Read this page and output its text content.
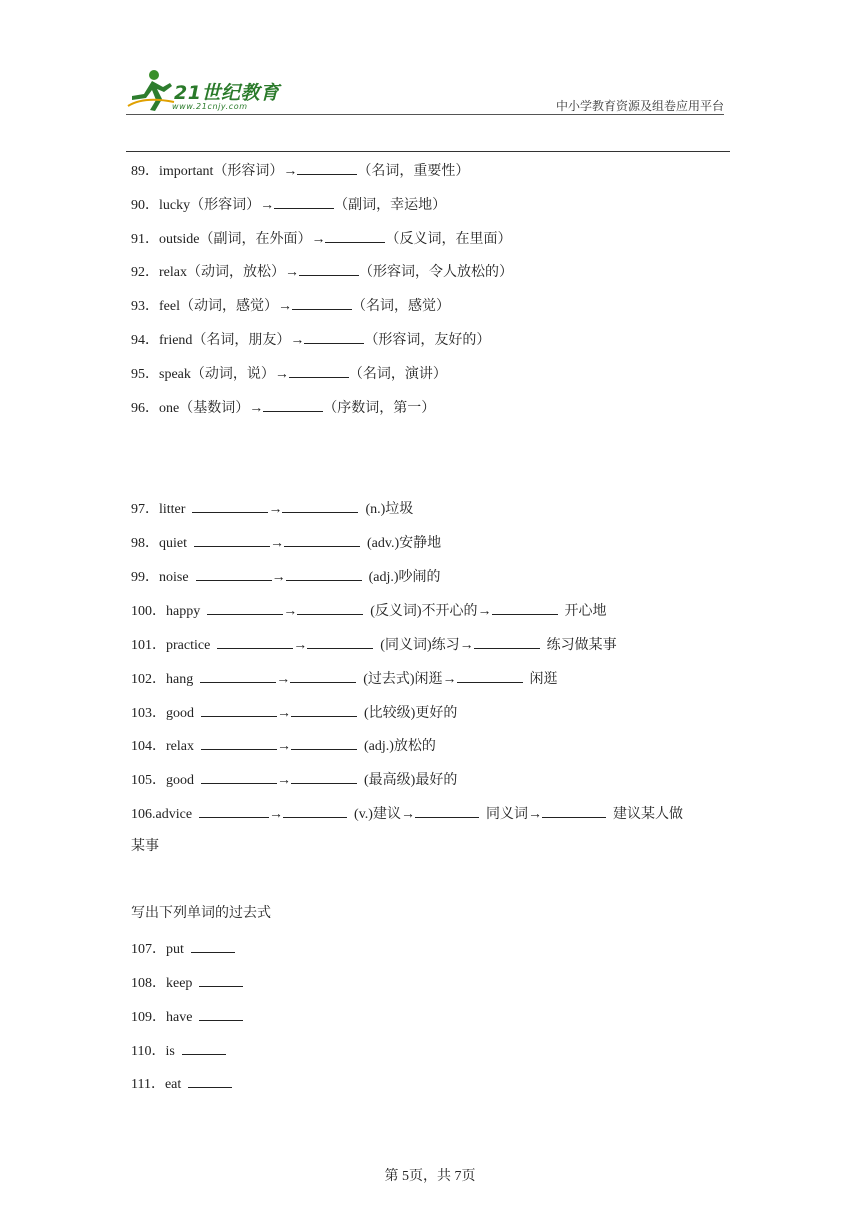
21世纪教育
www.21cnjy.com	中小学教育资源及组卷应用平台
89．important（形容词）→	（名词，重要性）
90．lucky（形容词）→	（副词，幸运地）
91．outside（副词，在外面）→	（反义词，在里面）
92．relax（动词，放松）→	（形容词，令人放松的）
93．feel（动词，感觉）→	（名词，感觉）
94．friend（名词，朋友）→	（形容词，友好的）
95．speak（动词，说）→	（名词，演讲）
96．one（基数词）→	（序数词，第一）
97．litter	→	(n.)垃圾
98．quiet	→	(adv.)安静地
99．noise	→	(adj.)吵闹的
100．happy	→	(反义词)不开心的→	开心地
101．practice	→	(同义词)练习→	练习做某事
102．hang	→	(过去式)闲逛→	闲逛
103．good	→	(比较级)更好的
104．relax	→	(adj.)放松的
105．good	→	(最高级)最好的
106.advice	→	(v.)建议→	同义词→	建议某人做
某事
写出下列单词的过去式
107．put
108．keep
109．have
110．is
111．eat
第 5页，共 7页
